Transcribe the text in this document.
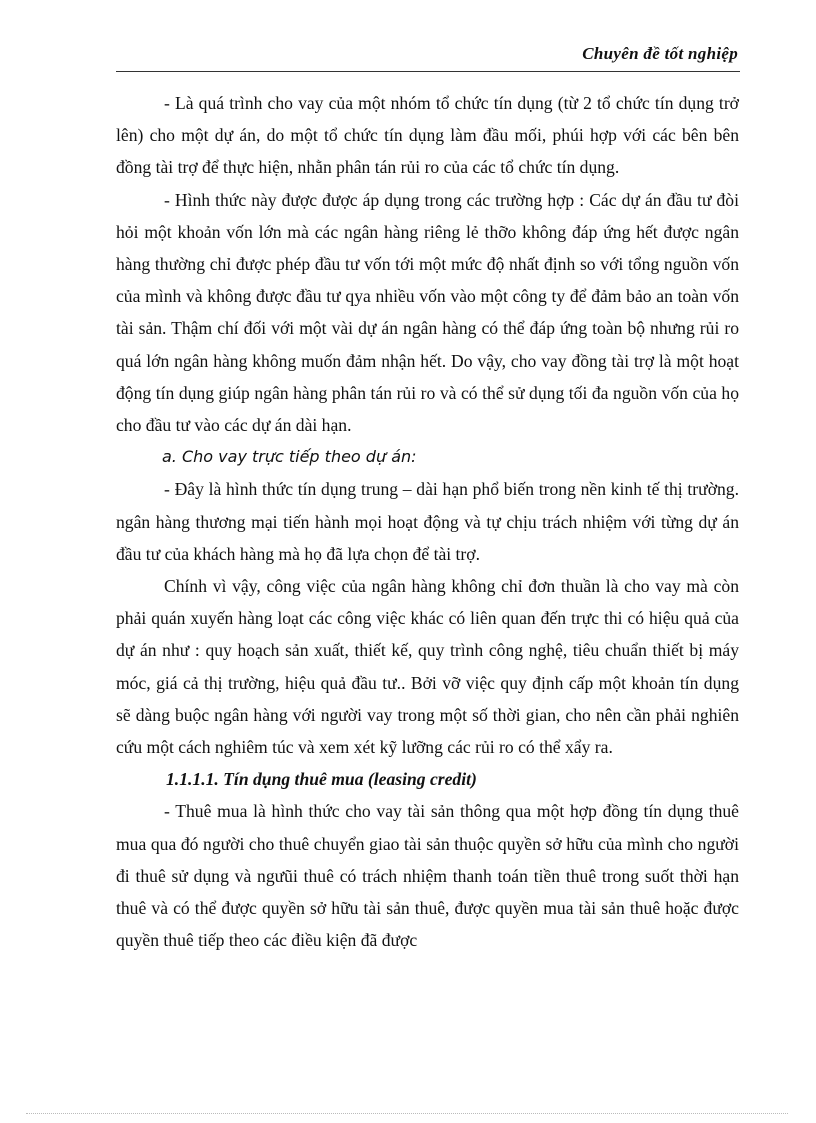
Chuyên đề tốt nghiệp

- Là quá trình cho vay của một nhóm tổ chức tín dụng (từ 2 tổ chức tín dụng trở lên) cho một dự án, do một tổ chức tín dụng làm đầu mối, phúi hợp với các bên bên đồng tài trợ để thực hiện, nhằn phân tán rủi ro của các tổ chức tín dụng.

- Hình thức này được được áp dụng trong các trường hợp : Các dự án đầu tư đòi hỏi một khoản vốn lớn mà các ngân hàng riêng lẻ thỡo không đáp ứng hết được ngân hàng thường chỉ được phép đầu tư vốn tới một mức độ nhất định so với tổng nguồn vốn của mình và không được đầu tư qya nhiều vốn vào một công ty để đảm bảo an toàn vốn tài sản. Thậm chí đối với một vài dự án ngân hàng có thể đáp ứng toàn bộ nhưng rủi ro quá lớn ngân hàng không muốn đảm nhận hết. Do vậy, cho vay đồng tài trợ là một hoạt động tín dụng giúp ngân hàng phân tán rủi ro và có thể sử dụng tối đa nguồn vốn của họ cho đầu tư vào các dự án dài hạn.

a. Cho vay trực tiếp theo dự án:

- Đây là hình thức tín dụng trung – dài hạn phổ biến trong nền kinh tế thị trường. ngân hàng thương mại tiến hành mọi hoạt động và tự chịu trách nhiệm với từng dự án đầu tư của khách hàng mà họ đã lựa chọn để tài trợ.

Chính vì vậy, công việc của ngân hàng không chỉ đơn thuần là cho vay mà còn phải quán xuyến hàng loạt các công việc khác có liên quan đến trực thi có hiệu quả của dự án như : quy hoạch sản xuất, thiết kế, quy trình công nghệ, tiêu chuẩn thiết bị máy móc, giá cả thị trường, hiệu quả đầu tư.. Bởi vỡ việc quy định cấp một khoản tín dụng sẽ dàng buộc ngân hàng với người vay trong một số thời gian, cho nên cần phải nghiên cứu một cách nghiêm túc và xem xét kỹ lưỡng các rủi ro có thể xẩy ra.

1.1.1.1. Tín dụng thuê mua (leasing credit)

- Thuê mua là hình thức cho vay tài sản thông qua một hợp đồng tín dụng thuê mua qua đó người cho thuê chuyển giao tài sản thuộc quyền sở hữu của mình cho người đi thuê sử dụng và ngưũi thuê có trách nhiệm thanh toán tiền thuê trong suốt thời hạn thuê và có thể được quyền sở hữu tài sản thuê, được quyền mua tài sản thuê hoặc được quyền thuê tiếp theo các điều kiện đã được
